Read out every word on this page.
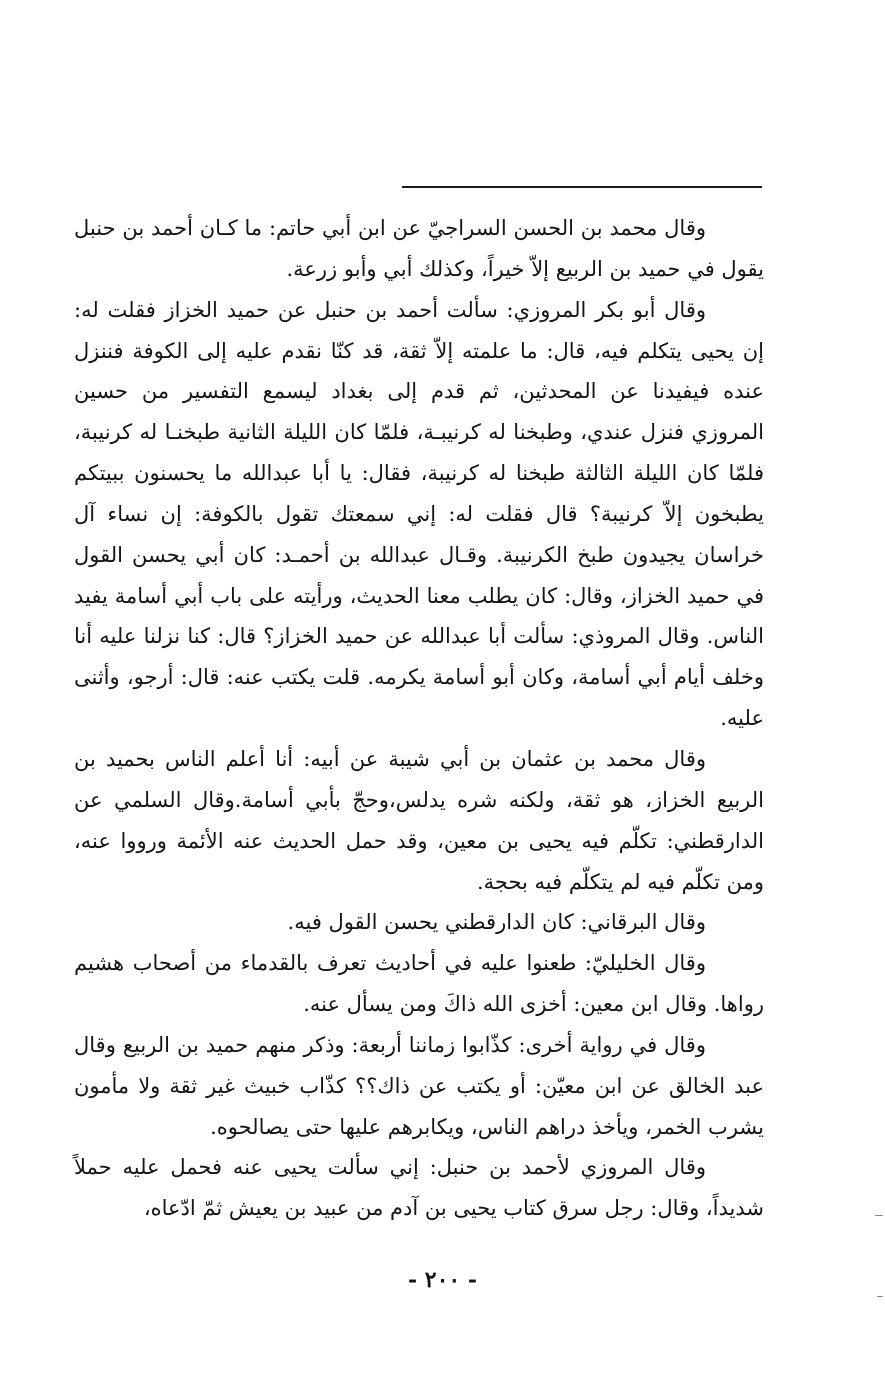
وقال محمد بن الحسن السراجيّ عن ابن أبي حاتم: ما كـان أحمد بن حنبل يقول في حميد بن الربيع إلاّ خيراً، وكذلك أبي وأبو زرعة.

وقال أبو بكر المروزي: سألت أحمد بن حنبل عن حميد الخزاز فقلت له: إن يحيى يتكلم فيه، قال: ما علمته إلاّ ثقة، قد كنّا نقدم عليه إلى الكوفة فننزل عنده فيفيدنا عن المحدثين، ثم قدم إلى بغداد ليسمع التفسير من حسين المروزي فنزل عندي، وطبخنا له كرنيبـة، فلمّا كان الليلة الثانية طبخنـا له كرنيبة، فلمّا كان الليلة الثالثة طبخنا له كرنيبة، فقال: يا أبا عبدالله ما يحسنون ببيتكم يطبخون إلاّ كرنيبة؟ قال فقلت له: إني سمعتك تقول بالكوفة: إن نساء آل خراسان يجيدون طبخ الكرنيبة. وقـال عبدالله بن أحمـد: كان أبي يحسن القول في حميد الخزاز، وقال: كان يطلب معنا الحديث، ورأيته على باب أبي أسامة يفيد الناس. وقال المروذي: سألت أبا عبدالله عن حميد الخزاز؟ قال: كنا نزلنا عليه أنا وخلف أيام أبي أسامة، وكان أبو أسامة يكرمه. قلت يكتب عنه: قال: أرجو، وأثنى عليه.

وقال محمد بن عثمان بن أبي شيبة عن أبيه: أنا أعلم الناس بحميد بن الربيع الخزاز، هو ثقة، ولكنه شره يدلس،وحجّ بأبي أسامة.وقال السلمي عن الدارقطني: تكلّم فيه يحيى بن معين، وقد حمل الحديث عنه الأئمة ورووا عنه، ومن تكلّم فيه لم يتكلّم فيه بحجة.

وقال البرقاني: كان الدارقطني يحسن القول فيه.

وقال الخليليّ: طعنوا عليه في أحاديث تعرف بالقدماء من أصحاب هشيم رواها. وقال ابن معين: أخزى الله ذاكَ ومن يسأل عنه.

وقال في رواية أخرى: كذّابوا زماننا أربعة: وذكر منهم حميد بن الربيع وقال عبد الخالق عن ابن معيّن: أو يكتب عن ذاك؟؟ كذّاب خبيث غير ثقة ولا مأمون يشرب الخمر، ويأخذ دراهم الناس، ويكابرهم عليها حتى يصالحوه.

وقال المروزي لأحمد بن حنبل: إني سألت يحيى عنه فحمل عليه حملاً شديداً، وقال: رجل سرق كتاب يحيى بن آدم من عبيد بن يعيش ثمّ ادّعاه،

- ٢٠٠ -
